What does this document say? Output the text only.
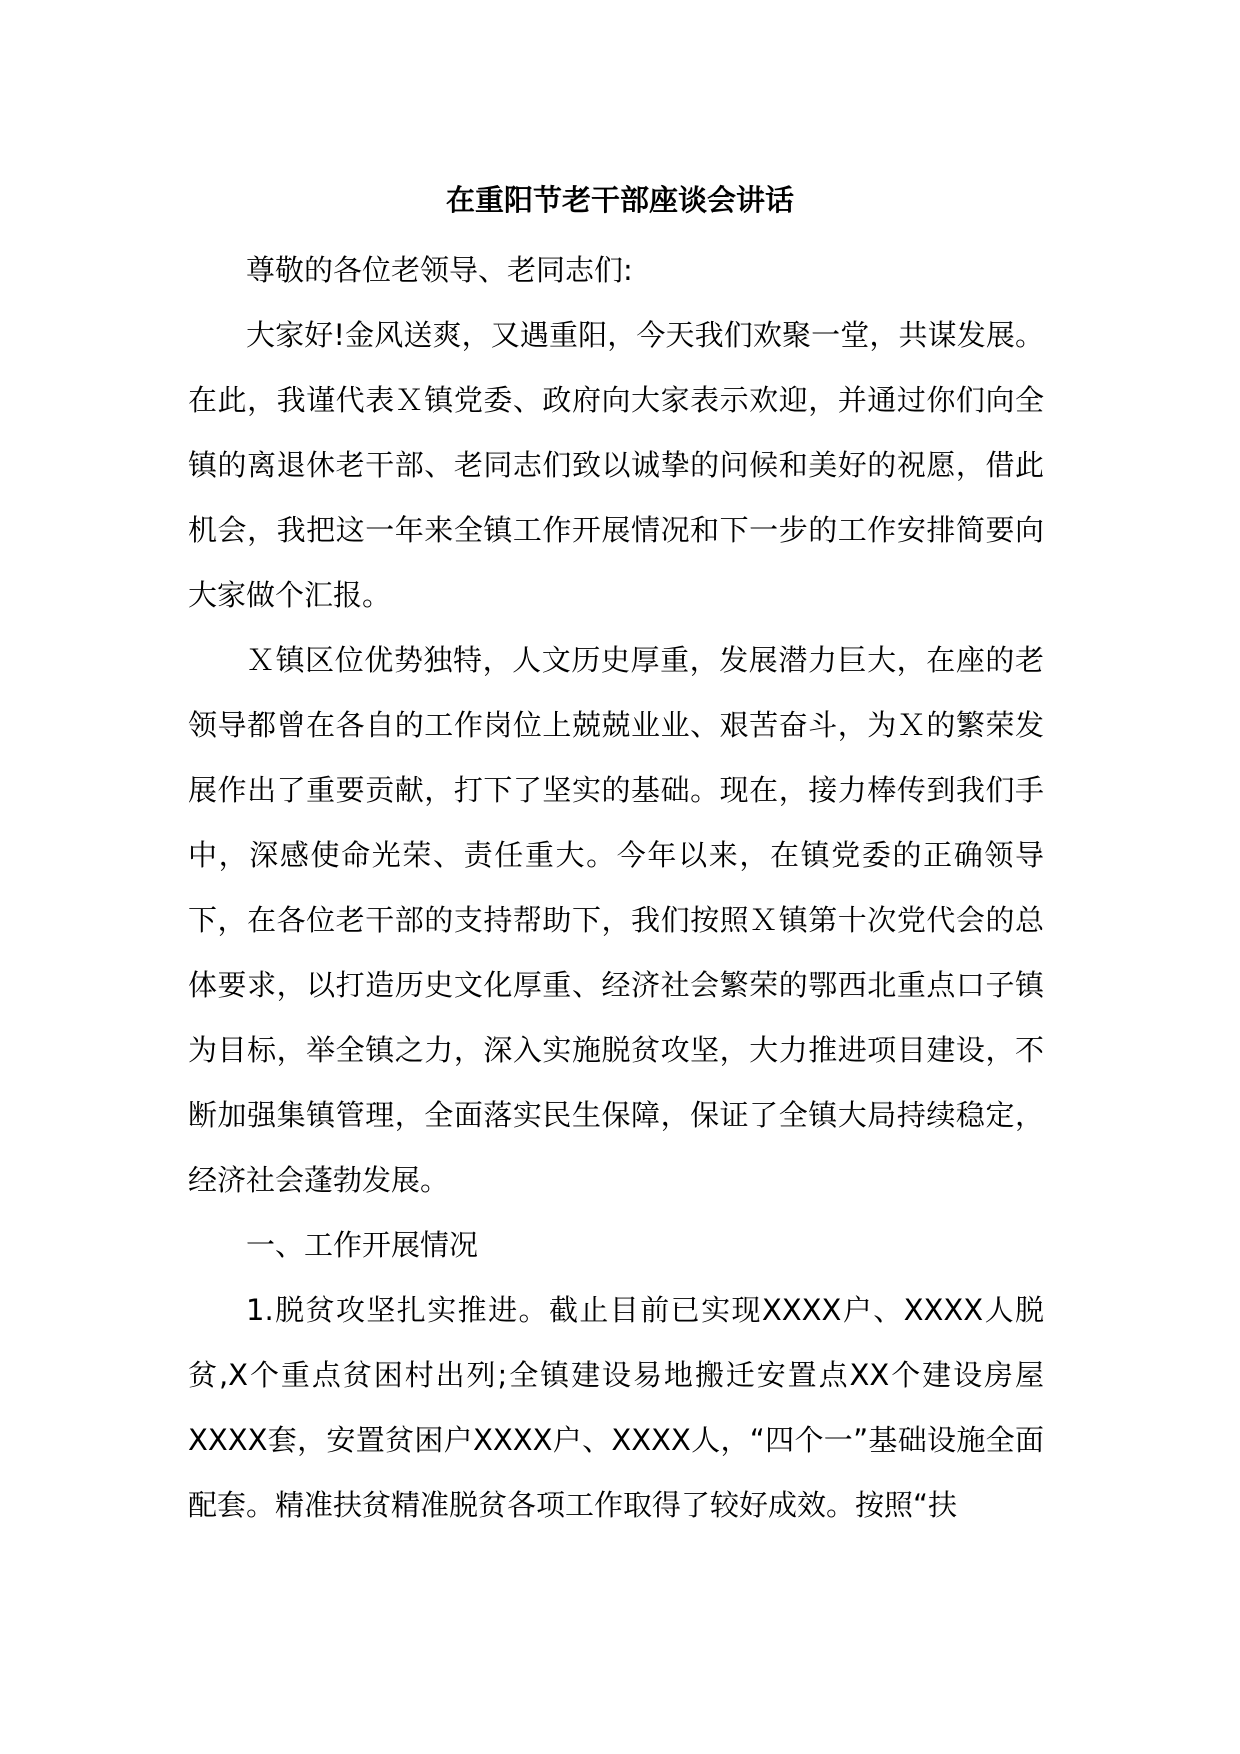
在重阳节老干部座谈会讲话

尊敬的各位老领导、老同志们:

大家好!金风送爽，又遇重阳，今天我们欢聚一堂，共谋发展。在此，我谨代表Ｘ镇党委、政府向大家表示欢迎，并通过你们向全镇的离退休老干部、老同志们致以诚挚的问候和美好的祝愿，借此机会，我把这一年来全镇工作开展情况和下一步的工作安排简要向大家做个汇报。

Ｘ镇区位优势独特，人文历史厚重，发展潜力巨大，在座的老领导都曾在各自的工作岗位上兢兢业业、艰苦奋斗，为Ｘ的繁荣发展作出了重要贡献，打下了坚实的基础。现在，接力棒传到我们手中，深感使命光荣、责任重大。今年以来，在镇党委的正确领导下，在各位老干部的支持帮助下，我们按照Ｘ镇第十次党代会的总体要求，以打造历史文化厚重、经济社会繁荣的鄂西北重点口子镇为目标，举全镇之力，深入实施脱贫攻坚，大力推进项目建设，不断加强集镇管理，全面落实民生保障，保证了全镇大局持续稳定，经济社会蓬勃发展。

一、工作开展情况

1.脱贫攻坚扎实推进。截止目前已实现XXXX户、XXXX人脱贫,X个重点贫困村出列;全镇建设易地搬迁安置点XX个建设房屋XXXX套，安置贫困户XXXX户、XXXX人，“四个一”基础设施全面配套。精准扶贫精准脱贫各项工作取得了较好成效。按照“扶
